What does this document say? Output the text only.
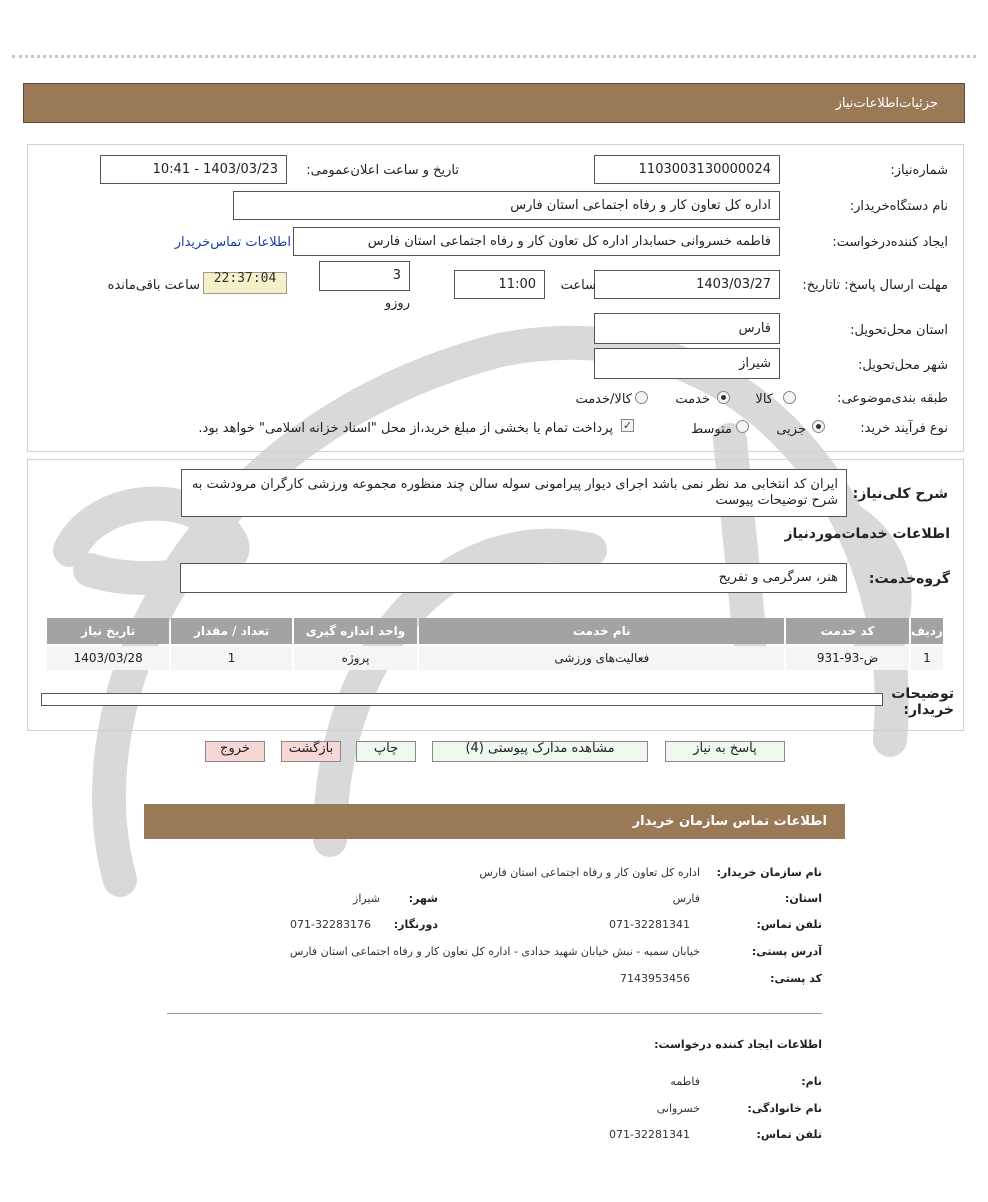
جزئیات‌اطلاعات‌نیاز
شماره‌نیاز:
1103003130000024
تاریخ و ساعت اعلان‌عمومی:
1403/03/23 - 10:41
نام دستگاه‌خریدار:
اداره کل تعاون کار و رفاه اجتماعی استان فارس
ایجاد کننده‌درخواست:
فاطمه خسروانی حسابدار اداره کل تعاون کار و رفاه اجتماعی استان فارس
اطلاعات تماس‌خریدار
مهلت ارسال پاسخ: تاتاریخ:
1403/03/27
ساعت
11:00
3
روزو
22:37:04
ساعت باقی‌مانده
استان محل‌تحویل:
فارس
شهر محل‌تحویل:
شیراز
طبقه بندی‌موضوعی:
کالا
خدمت
کالا/خدمت
نوع فرآیند خرید:
جزیی
متوسط
✓
پرداخت تمام یا بخشی از مبلغ خرید،از محل "اسناد خزانه اسلامی" خواهد بود.
شرح کلی‌نیاز:
ایران کد انتخابی مد نظر نمی باشد اجرای دیوار پیرامونی سوله سالن چند منظوره مجموعه ورزشی کارگران مرودشت به شرح توضیحات پیوست
اطلاعات خدمات‌موردنیاز
گروه‌خدمت:
هنر، سرگرمی و تفریح
ردیف	کد خدمت	نام خدمت	واحد اندازه گیری	تعداد / مقدار	تاریخ نیاز
1	ض-93-931	فعالیت‌های ورزشی	پروژه	1	1403/03/28
توضیحات خریدار:
پاسخ به نیاز
مشاهده مدارک پیوستی (4)
چاپ
بازگشت
خروج
اطلاعات تماس سازمان خریدار
نام سازمان خریدار:
اداره کل تعاون کار و رفاه اجتماعی استان فارس
استان:
فارس
شهر:
شیراز
تلفن تماس:
071-32281341
دورنگار:
071-32283176
آدرس پستی:
خیابان سمیه - نبش خیابان شهید حدادی - اداره کل تعاون کار و رفاه اجتماعی استان فارس
کد پستی:
7143953456
اطلاعات ایجاد کننده درخواست:
نام:
فاطمه
نام خانوادگی:
خسروانی
تلفن تماس:
071-32281341
